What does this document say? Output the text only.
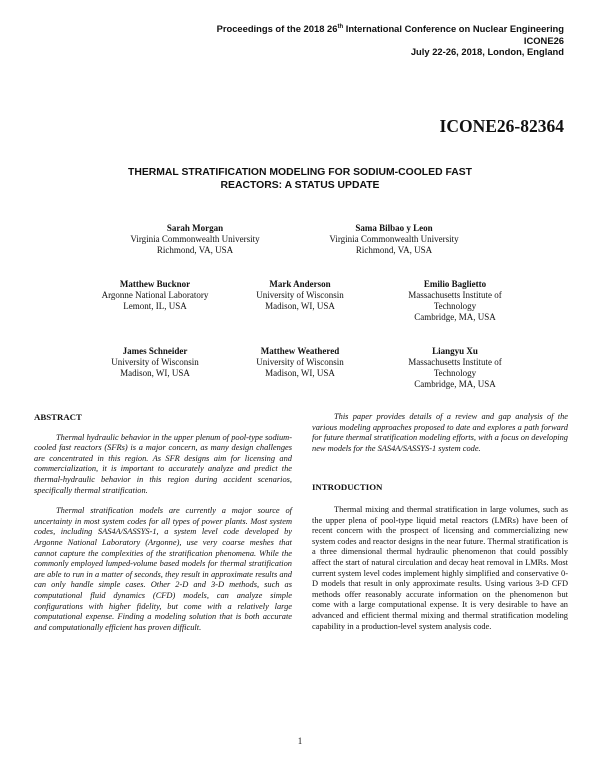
Proceedings of the 2018 26th International Conference on Nuclear Engineering
ICONE26
July 22-26, 2018, London, England
ICONE26-82364
THERMAL STRATIFICATION MODELING FOR SODIUM-COOLED FAST
REACTORS: A STATUS UPDATE
Sarah Morgan
Virginia Commonwealth University
Richmond, VA, USA
Sama Bilbao y Leon
Virginia Commonwealth University
Richmond, VA, USA
Matthew Bucknor
Argonne National Laboratory
Lemont, IL, USA
Mark Anderson
University of Wisconsin
Madison, WI, USA
Emilio Baglietto
Massachusetts Institute of
Technology
Cambridge, MA, USA
James Schneider
University of Wisconsin
Madison, WI, USA
Matthew Weathered
University of Wisconsin
Madison, WI, USA
Liangyu Xu
Massachusetts Institute of
Technology
Cambridge, MA, USA
ABSTRACT

Thermal hydraulic behavior in the upper plenum of pool-type sodium-cooled fast reactors (SFRs) is a major concern, as many design challenges are concentrated in this region. As SFR designs aim for licensing and commercialization, it is important to accurately analyze and predict the thermal-hydraulic behavior in this region during accident scenarios, specifically thermal stratification.

Thermal stratification models are currently a major source of uncertainty in most system codes for all types of power plants. Most system codes, including SAS4A/SASSYS-1, a system level code developed by Argonne National Laboratory (Argonne), use very coarse meshes that cannot capture the complexities of the stratification phenomena. While the commonly employed lumped-volume based models for thermal stratification are able to run in a matter of seconds, they result in approximate results and can only handle simple cases. Other 2-D and 3-D methods, such as computational fluid dynamics (CFD) models, can analyze simple configurations with higher fidelity, but come with a relatively large computational expense. Finding a modeling solution that is both accurate and computationally efficient has proven difficult.

This paper provides details of a review and gap analysis of the various modeling approaches proposed to date and explores a path forward for future thermal stratification modeling efforts, with a focus on developing new models for the SAS4A/SASSYS-1 system code.

INTRODUCTION

Thermal mixing and thermal stratification in large volumes, such as the upper plena of pool-type liquid metal reactors (LMRs) have been of recent concern with the prospect of licensing and commercializing new system codes and reactor designs in the near future. Thermal stratification is a three dimensional thermal hydraulic phenomenon that could possibly affect the start of natural circulation and decay heat removal in LMRs. Most current system level codes implement highly simplified and conservative 0-D models that result in only approximate results. Using various 3-D CFD methods offer reasonably accurate information on the phenomenon but come with a large computational expense. It is very desirable to have an advanced and efficient thermal mixing and thermal stratification modeling capability in a production-level system analysis code.

1
